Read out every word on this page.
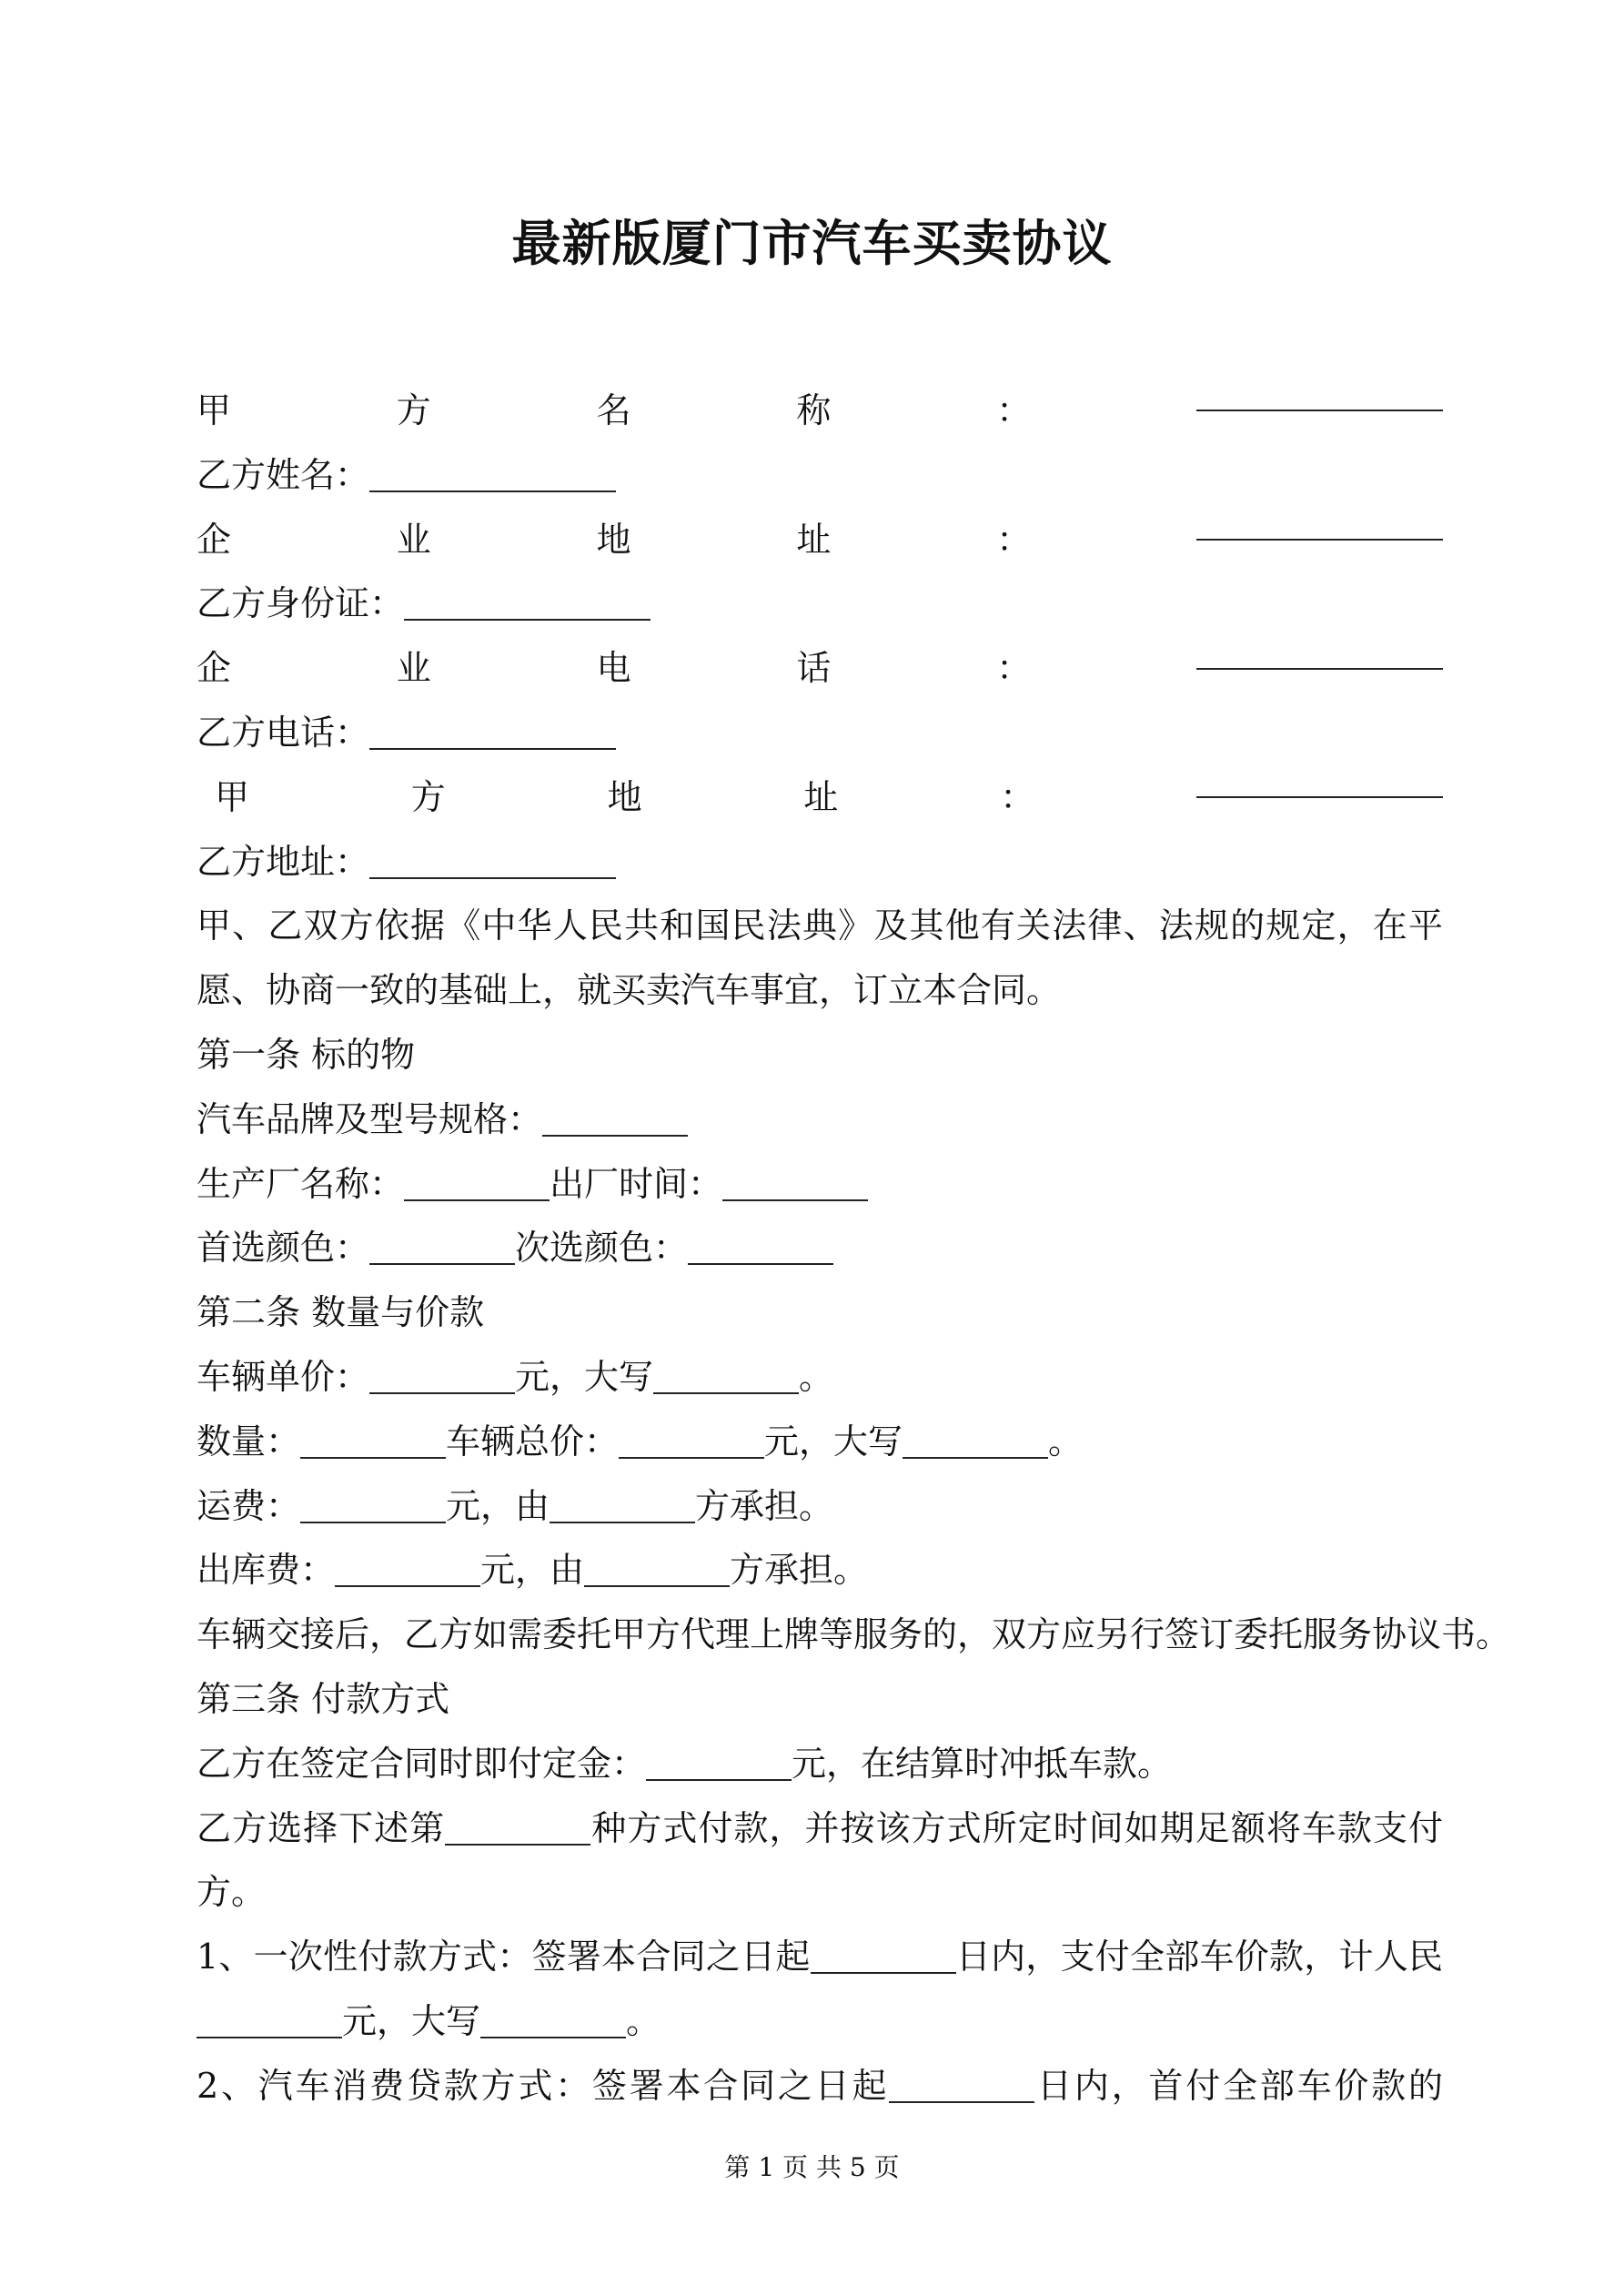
最新版厦门市汽车买卖协议
甲	方	名	称	：
乙方姓名：
企	业	地	址	：
乙方身份证：
企	业	电	话	：
乙方电话：
甲	方	地	址	：
乙方地址：
甲、乙双方依据《中华人民共和国民法典》及其他有关法律、法规的规定，在平
愿、协商一致的基础上，就买卖汽车事宜，订立本合同。
第一条 标的物
汽车品牌及型号规格：
生产厂名称：	出厂时间：
首选颜色：	次选颜色：
第二条 数量与价款
车辆单价：	元，大写	。
数量：	车辆总价：	元，大写	。
运费：	元，由	方承担。
出库费：	元，由	方承担。
车辆交接后，乙方如需委托甲方代理上牌等服务的，双方应另行签订委托服务协议书。
第三条 付款方式
乙方在签定合同时即付定金：	元，在结算时冲抵车款。
乙方选择下述第	种方式付款，并按该方式所定时间如期足额将车款支付
方。
1、一次性付款方式：签署本合同之日起	日内，支付全部车价款，计人民
元，大写	。
2、汽车消费贷款方式：签署本合同之日起	日内，首付全部车价款的
第 1 页 共 5 页
